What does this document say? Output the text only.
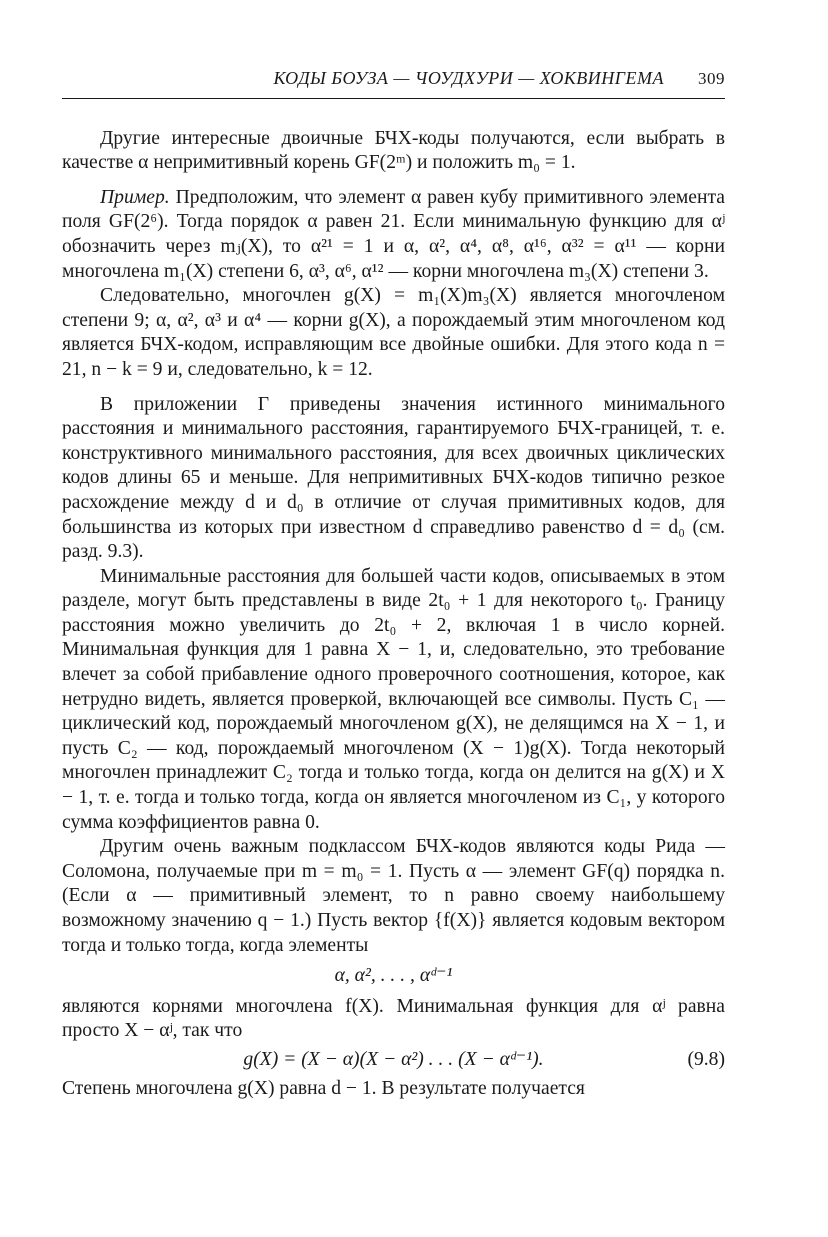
КОДЫ БОУЗА — ЧОУДХУРИ — ХОКВИНГЕМА 309

Другие интересные двоичные БЧХ-коды получаются, если выбрать в качестве α непримитивный корень GF(2ᵐ) и положить m₀ = 1.

Пример. Предположим, что элемент α равен кубу примитивного элемента поля GF(2⁶). Тогда порядок α равен 21. Если минимальную функцию для αʲ обозначить через mⱼ(X), то α²¹ = 1 и α, α², α⁴, α⁸, α¹⁶, α³² = α¹¹ — корни многочлена m₁(X) степени 6, α³, α⁶, α¹² — корни многочлена m₃(X) степени 3.

Следовательно, многочлен g(X) = m₁(X)m₃(X) является многочленом степени 9; α, α², α³ и α⁴ — корни g(X), а порождаемый этим многочленом код является БЧХ-кодом, исправляющим все двойные ошибки. Для этого кода n = 21, n − k = 9 и, следовательно, k = 12.

В приложении Г приведены значения истинного минимального расстояния и минимального расстояния, гарантируемого БЧХ-границей, т. е. конструктивного минимального расстояния, для всех двоичных циклических кодов длины 65 и меньше. Для непримитивных БЧХ-кодов типично резкое расхождение между d и d₀ в отличие от случая примитивных кодов, для большинства из которых при известном d справедливо равенство d = d₀ (см. разд. 9.3).

Минимальные расстояния для большей части кодов, описываемых в этом разделе, могут быть представлены в виде 2t₀ + 1 для некоторого t₀. Границу расстояния можно увеличить до 2t₀ + 2, включая 1 в число корней. Минимальная функция для 1 равна X − 1, и, следовательно, это требование влечет за собой прибавление одного проверочного соотношения, которое, как нетрудно видеть, является проверкой, включающей все символы. Пусть C₁ — циклический код, порождаемый многочленом g(X), не делящимся на X − 1, и пусть C₂ — код, порождаемый многочленом (X − 1)g(X). Тогда некоторый многочлен принадлежит C₂ тогда и только тогда, когда он делится на g(X) и X − 1, т. е. тогда и только тогда, когда он является многочленом из C₁, у которого сумма коэффициентов равна 0.

Другим очень важным подклассом БЧХ-кодов являются коды Рида — Соломона, получаемые при m = m₀ = 1. Пусть α — элемент GF(q) порядка n. (Если α — примитивный элемент, то n равно своему наибольшему возможному значению q − 1.) Пусть вектор {f(X)} является кодовым вектором тогда и только тогда, когда элементы

α, α², . . . , αᵈ⁻¹

являются корнями многочлена f(X). Минимальная функция для αʲ равна просто X − αʲ, так что

g(X) = (X − α)(X − α²) . . . (X − αᵈ⁻¹).	(9.8)

Степень многочлена g(X) равна d − 1. В результате получается
